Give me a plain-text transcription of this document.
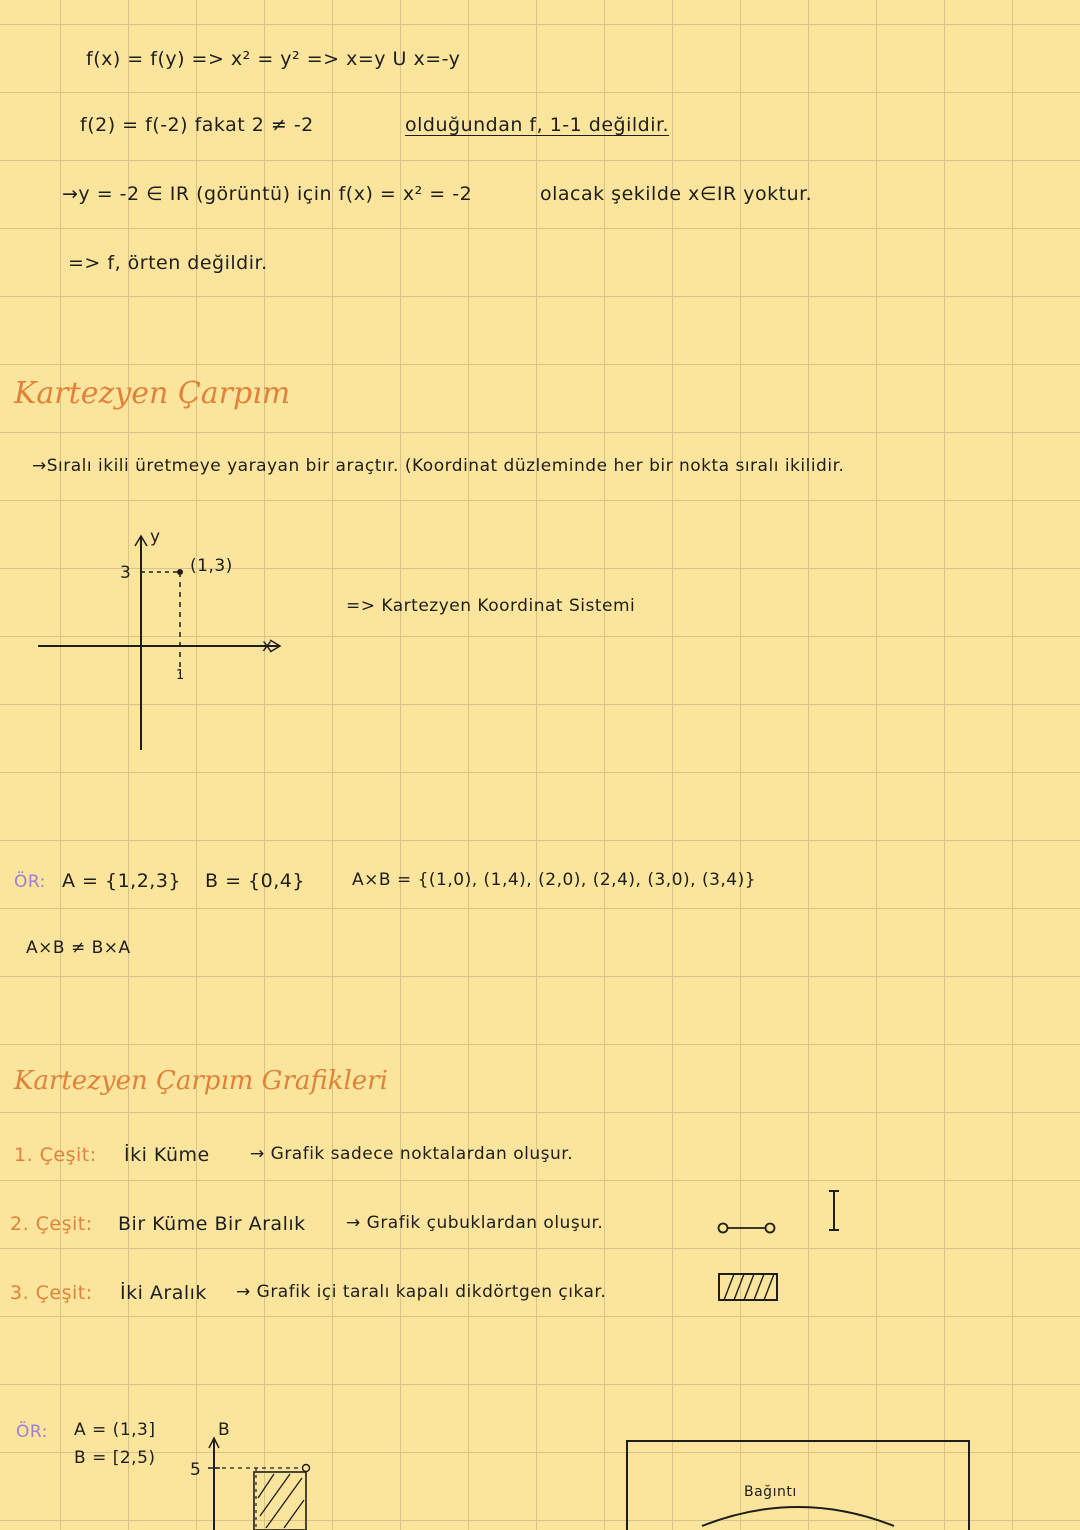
f(x) = f(y) => x² = y² => x=y U x=-y
f(2) = f(-2) fakat 2 ≠ -2	olduğundan f, 1-1 değildir.
→y = -2 ∈ IR (görüntü) için f(x) = x² = -2	olacak şekilde x∈IR yoktur.
=> f, örten değildir.
Kartezyen Çarpım
→Sıralı ikili üretmeye yarayan bir araçtır. (Koordinat düzleminde her bir nokta sıralı ikilidir.
y
x
3
1
(1,3)
=> Kartezyen Koordinat Sistemi
ÖR: A = {1,2,3} B = {0,4}	A×B = {(1,0), (1,4), (2,0), (2,4), (3,0), (3,4)}
A×B ≠ B×A
Kartezyen Çarpım Grafikleri
1. Çeşit: İki Küme → Grafik sadece noktalardan oluşur.
2. Çeşit: Bir Küme Bir Aralık → Grafik çubuklardan oluşur.
3. Çeşit: İki Aralık → Grafik içi taralı kapalı dikdörtgen çıkar.
ÖR: A = (1,3]
B = [2,5)
B
5
Bağıntı
